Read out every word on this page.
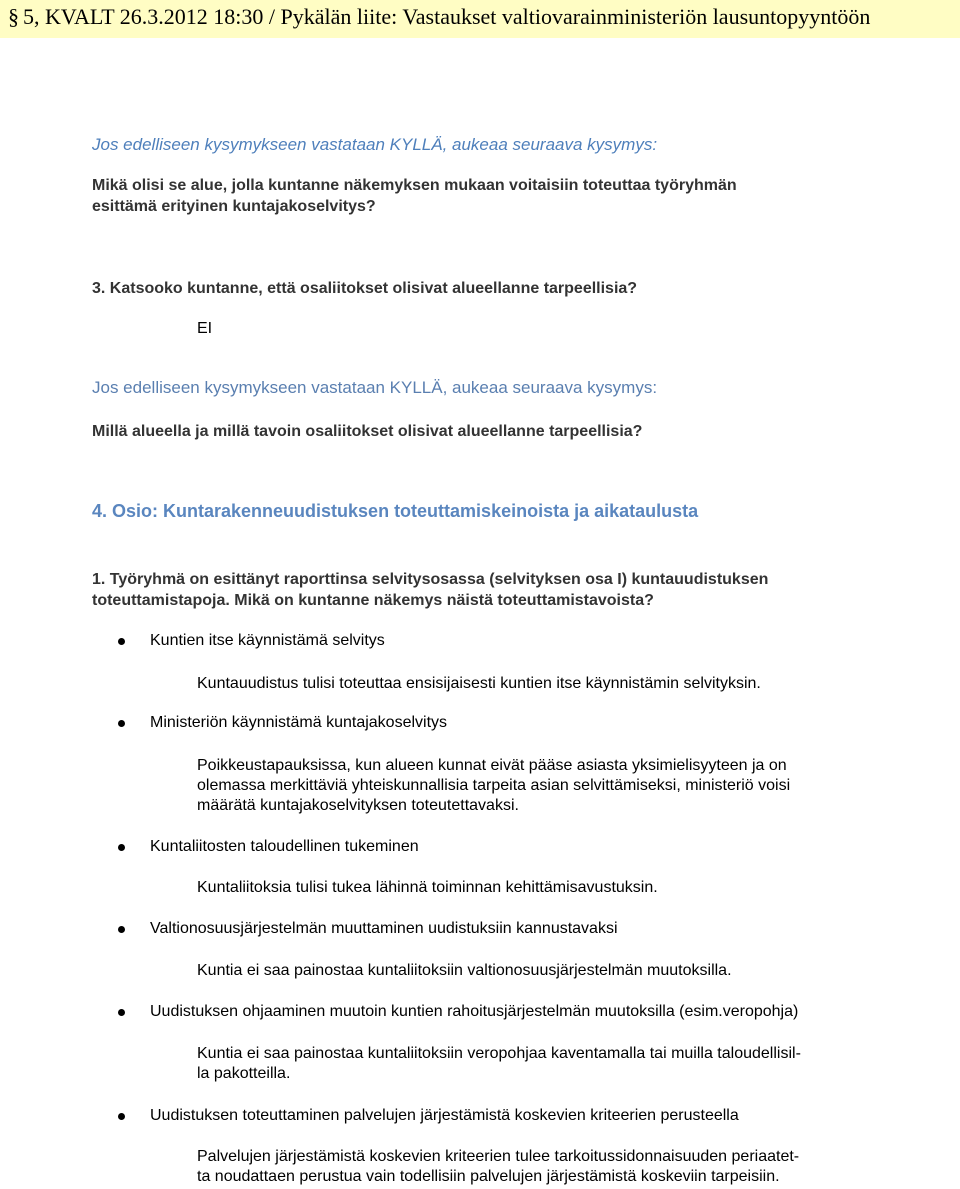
§ 5, KVALT 26.3.2012 18:30 / Pykälän liite: Vastaukset valtiovarainministeriön lausuntopyyntöön
Jos edelliseen kysymykseen vastataan KYLLÄ, aukeaa seuraava kysymys:
Mikä olisi se alue, jolla kuntanne näkemyksen mukaan voitaisiin toteuttaa työryhmän
esittämä erityinen kuntajakoselvitys?
3. Katsooko kuntanne, että osaliitokset olisivat alueellanne tarpeellisia?
EI
Jos edelliseen kysymykseen vastataan KYLLÄ, aukeaa seuraava kysymys:
Millä alueella ja millä tavoin osaliitokset olisivat alueellanne tarpeellisia?
4. Osio: Kuntarakenneuudistuksen toteuttamiskeinoista ja aikataulusta
1. Työryhmä on esittänyt raporttinsa selvitysosassa (selvityksen osa I) kuntauudistuksen
toteuttamistapoja. Mikä on kuntanne näkemys näistä toteuttamistavoista?
Kuntien itse käynnistämä selvitys
Kuntauudistus tulisi toteuttaa ensisijaisesti kuntien itse käynnistämin selvityksin.
Ministeriön käynnistämä kuntajakoselvitys
Poikkeustapauksissa, kun alueen kunnat eivät pääse asiasta yksimielisyyteen ja on
olemassa merkittäviä yhteiskunnallisia tarpeita asian selvittämiseksi, ministeriö voisi
määrätä kuntajakoselvityksen toteutettavaksi.
Kuntaliitosten taloudellinen tukeminen
Kuntaliitoksia tulisi tukea lähinnä toiminnan kehittämisavustuksin.
Valtionosuusjärjestelmän muuttaminen uudistuksiin kannustavaksi
Kuntia ei saa painostaa kuntaliitoksiin valtionosuusjärjestelmän muutoksilla.
Uudistuksen ohjaaminen muutoin kuntien rahoitusjärjestelmän muutoksilla (esim.veropohja)
Kuntia ei saa painostaa kuntaliitoksiin veropohjaa kaventamalla tai muilla taloudellisil-
la pakotteilla.
Uudistuksen toteuttaminen palvelujen järjestämistä koskevien kriteerien perusteella
Palvelujen järjestämistä koskevien kriteerien tulee tarkoitussidonnaisuuden periaatet-
ta noudattaen perustua vain todellisiin palvelujen järjestämistä koskeviin tarpeisiin.
